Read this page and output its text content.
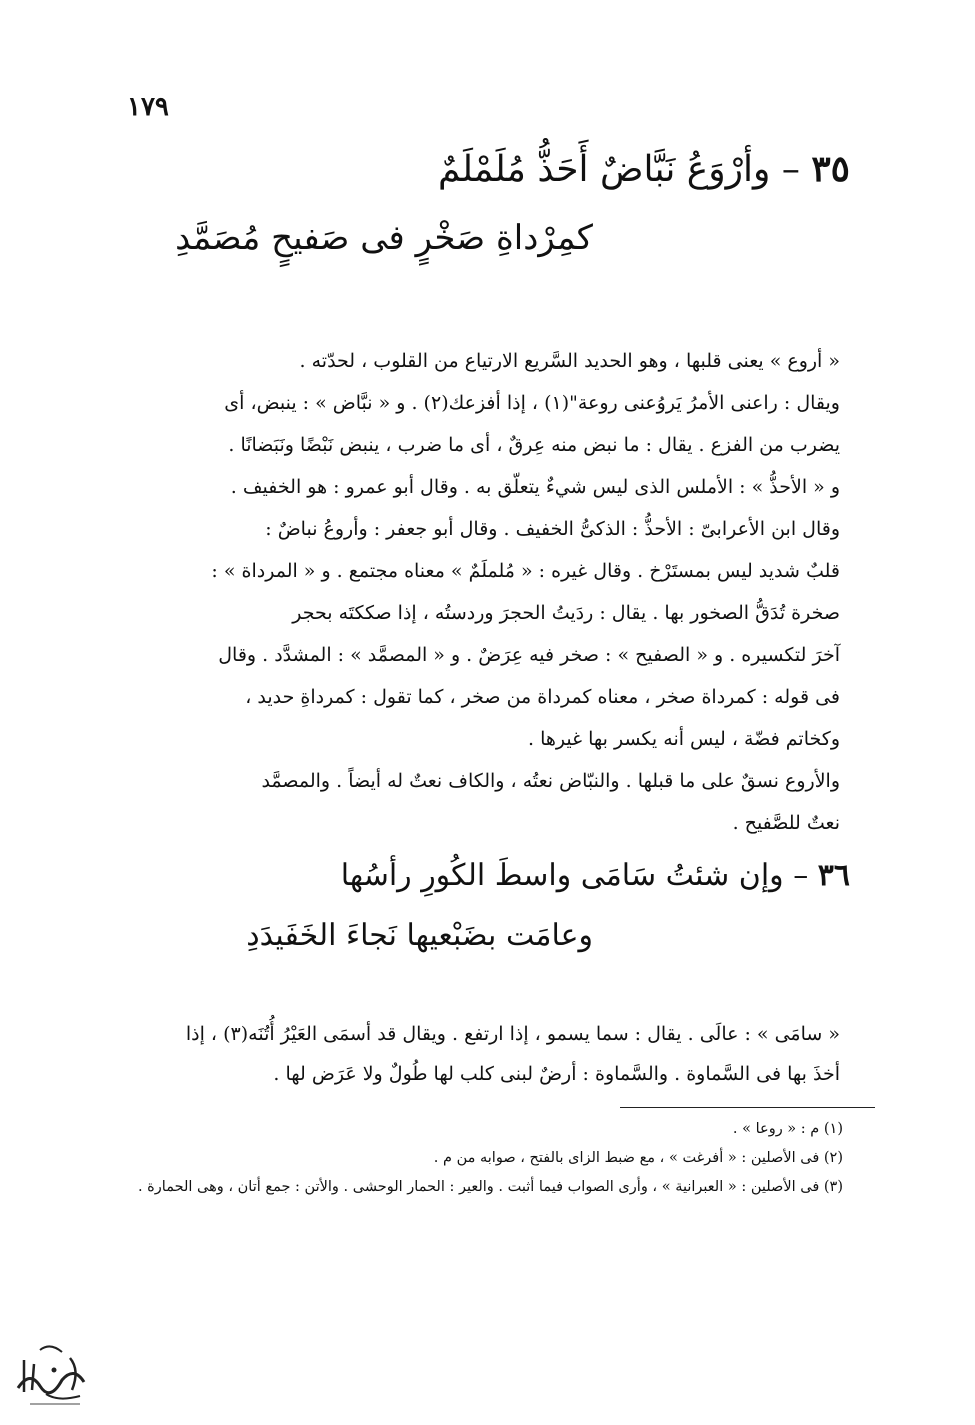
١٧٩
٣٥ – وأرْوَعُ نَبَّاضٌ أَحَذُّ مُلَمْلَمٌ
كمِرْداةِ صَخْرٍ فى صَفيحٍ مُصَمَّدِ
« أروع » يعنى قلبها ، وهو الحديد السَّريع الارتياع من القلوب ، لحدّته .
ويقال : راعنى الأمرُ يَروُعنى روعة"(١) ، إذا أفزعك(٢) . و « نبَّاض » : ينبض، أى
يضرب من الفزع . يقال : ما نبض منه عِرقٌ ، أى ما ضرب ، ينبض نَبْضًا ونَبَضانًا .
و « الأحذُّ » : الأملس الذى ليس شيءٌ يتعلّق به . وقال أبو عمرو : هو الخفيف .
وقال ابن الأعرابىّ : الأحذُّ : الذكىُّ الخفيف . وقال أبو جعفر : وأروعُ نباضٌ :
قلبٌ شديد ليس بمستَرْخ . وقال غيره : « مُلملَمٌ » معناه مجتمع . و « المرداة » :
صخرة تُدَقُّ الصخور بها . يقال : ردَيتُ الحجرَ وردستُه ، إذا صككتَه بحجر
آخرَ لتكسيره . و « الصفيح » : صخر فيه عِرَضٌ . و « المصمَّد » : المشدَّد . وقال
فى قوله : كمرداة صخر ، معناه كمرداة من صخر ، كما تقول : كمرداةِ حديد ،
وكخاتم فضّة ، ليس أنه يكسر بها غيرها .
والأروع نسقٌ على ما قبلها . والنبّاض نعتُه ، والكاف نعتٌ له أيضاً . والمصمَّد
نعتٌ للصَّفيح .
٣٦ – وإن شئتُ سَامَى واسطَ الكُورِ رأسُها
وعامَت بضَبْعيها نَجاءَ الخَفَيدَدِ
« سامَى » : عالَى . يقال : سما يسمو ، إذا ارتفع . ويقال قد أسمَى العَيْرُ أُتُنَه(٣) ، إذا
أخذَ بها فى السَّماوة . والسَّماوة : أرضٌ لبنى كلب لها طُولٌ ولا عَرَض لها .

(١) م : « روعا » .

(٢) فى الأصلين : « أفرغت » ، مع ضبط الزاى بالفتح ، صوابه من م .

(٣) فى الأصلين : « العبرانية » ، وأرى الصواب فيما أثبت . والعير : الحمار الوحشى . والأتن : جمع أتان ، وهى الحمارة .
